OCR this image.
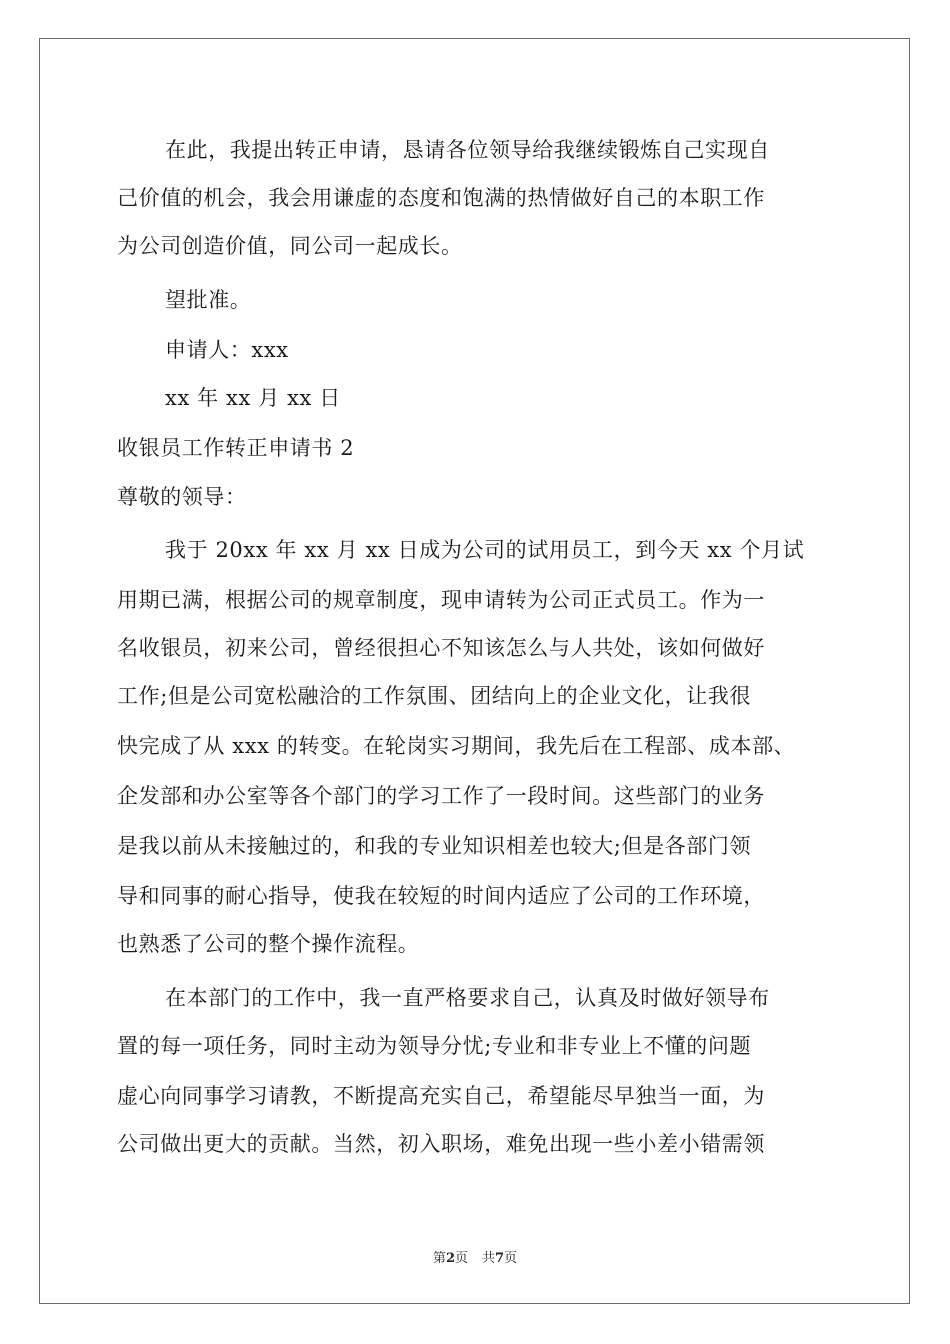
在此，我提出转正申请，恳请各位领导给我继续锻炼自己实现自
己价值的机会，我会用谦虚的态度和饱满的热情做好自己的本职工作
为公司创造价值，同公司一起成长。
望批准。
申请人：xxx
xx 年 xx 月 xx 日
收银员工作转正申请书 2
尊敬的领导：
我于 20xx 年 xx 月 xx 日成为公司的试用员工，到今天 xx 个月试
用期已满，根据公司的规章制度，现申请转为公司正式员工。作为一
名收银员，初来公司，曾经很担心不知该怎么与人共处，该如何做好
工作;但是公司宽松融洽的工作氛围、团结向上的企业文化，让我很
快完成了从 xxx 的转变。在轮岗实习期间，我先后在工程部、成本部、
企发部和办公室等各个部门的学习工作了一段时间。这些部门的业务
是我以前从未接触过的，和我的专业知识相差也较大;但是各部门领
导和同事的耐心指导，使我在较短的时间内适应了公司的工作环境，
也熟悉了公司的整个操作流程。
在本部门的工作中，我一直严格要求自己，认真及时做好领导布
置的每一项任务，同时主动为领导分忧;专业和非专业上不懂的问题
虚心向同事学习请教，不断提高充实自己，希望能尽早独当一面，为
公司做出更大的贡献。当然，初入职场，难免出现一些小差小错需领
第2页 共7页
